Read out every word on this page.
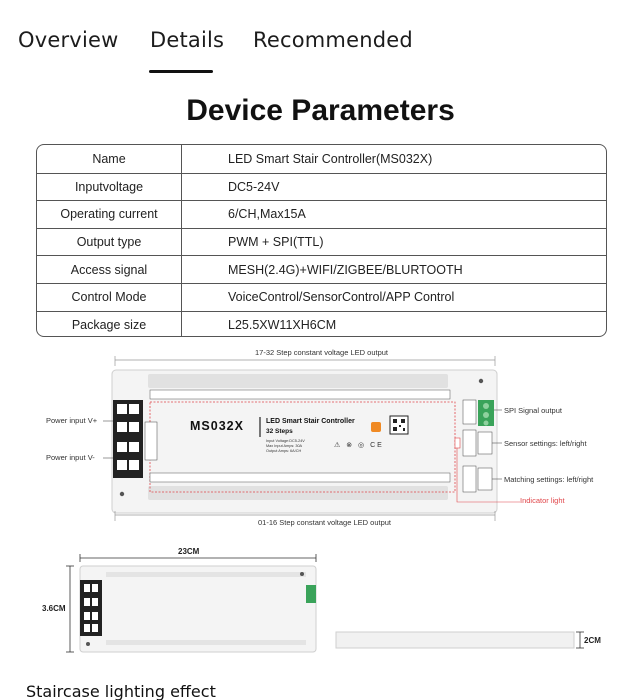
Overview Details Recommended
Device Parameters
Name	LED Smart Stair Controller(MS032X)
Inputvoltage	DC5-24V
Operating current	6/CH,Max15A
Output type	PWM + SPI(TTL)
Access signal	MESH(2.4G)+WIFI/ZIGBEE/BLURTOOTH
Control Mode	VoiceControl/SensorControl/APP Control
Package size	L25.5XW11XH6CM
17-32 Step constant voltage LED output
01-16 Step constant voltage LED output
Power input V+
Power input V-
SPI Signal output
Sensor settings: left/right
Matching settings: left/right
Indicator light
MS032X	LED Smart Stair Controller
32 Steps
Input Voltage:DC5-24V
Max Input Amps: 30A
Output Amps: 6A/CH
⚠ ⊗ ◎ CE
23CM
3.6CM
2CM
Staircase lighting effect
